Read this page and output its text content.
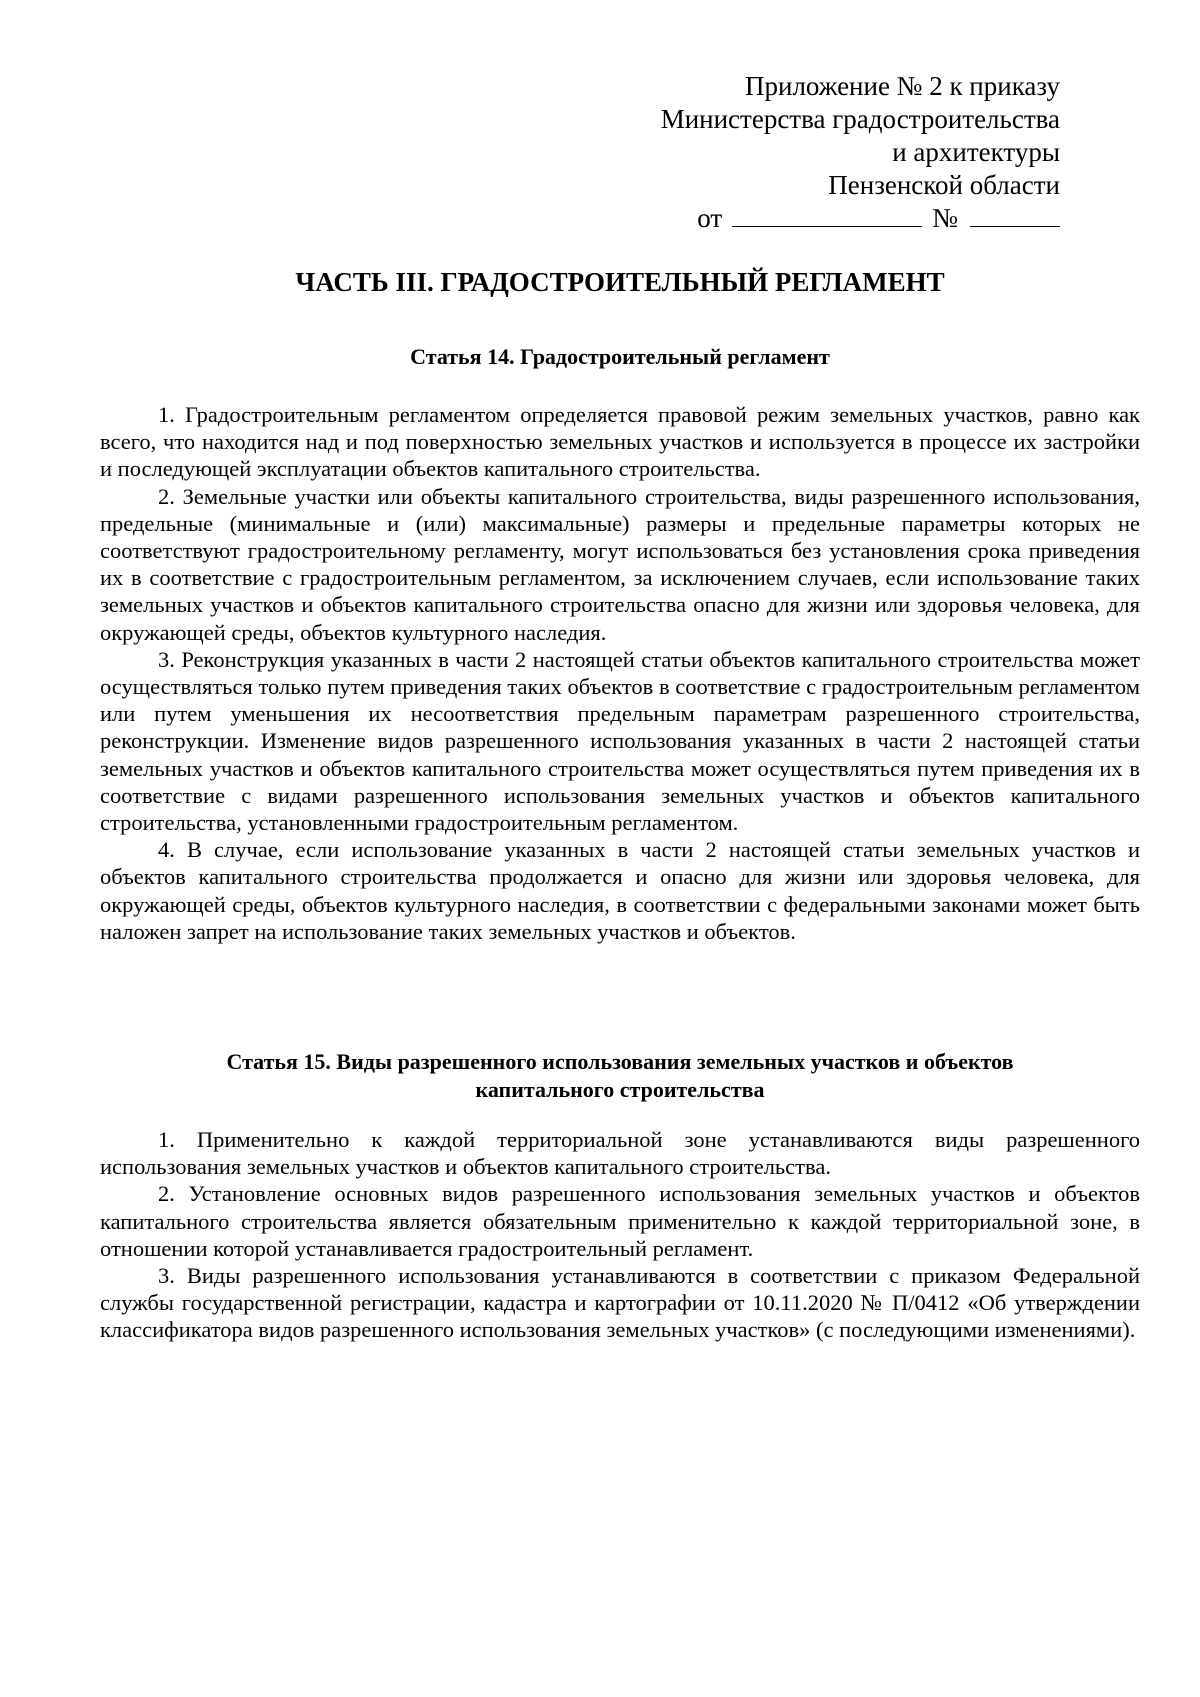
Приложение № 2 к приказу
Министерства градостроительства
и архитектуры
Пензенской области
от	№
ЧАСТЬ III. ГРАДОСТРОИТЕЛЬНЫЙ РЕГЛАМЕНТ

Статья 14. Градостроительный регламент

1. Градостроительным регламентом определяется правовой режим земельных участков, равно как всего, что находится над и под поверхностью земельных участков и используется в процессе их застройки и последующей эксплуатации объектов капитального строительства.

2. Земельные участки или объекты капитального строительства, виды разрешенного использования, предельные (минимальные и (или) максимальные) размеры и предельные параметры которых не соответствуют градостроительному регламенту, могут использоваться без установления срока приведения их в соответствие с градостроительным регламентом, за исключением случаев, если использование таких земельных участков и объектов капитального строительства опасно для жизни или здоровья человека, для окружающей среды, объектов культурного наследия.

3. Реконструкция указанных в части 2 настоящей статьи объектов капитального строительства может осуществляться только путем приведения таких объектов в соответствие с градостроительным регламентом или путем уменьшения их несоответствия предельным параметрам разрешенного строительства, реконструкции. Изменение видов разрешенного использования указанных в части 2 настоящей статьи земельных участков и объектов капитального строительства может осуществляться путем приведения их в соответствие с видами разрешенного использования земельных участков и объектов капитального строительства, установленными градостроительным регламентом.

4. В случае, если использование указанных в части 2 настоящей статьи земельных участков и объектов капитального строительства продолжается и опасно для жизни или здоровья человека, для окружающей среды, объектов культурного наследия, в соответствии с федеральными законами может быть наложен запрет на использование таких земельных участков и объектов.

Статья 15. Виды разрешенного использования земельных участков и объектов
капитального строительства

1. Применительно к каждой территориальной зоне устанавливаются виды разрешенного использования земельных участков и объектов капитального строительства.

2. Установление основных видов разрешенного использования земельных участков и объектов капитального строительства является обязательным применительно к каждой территориальной зоне, в отношении которой устанавливается градостроительный регламент.

3. Виды разрешенного использования устанавливаются в соответствии с приказом Федеральной службы государственной регистрации, кадастра и картографии от 10.11.2020 № П/0412 «Об утверждении классификатора видов разрешенного использования земельных участков» (с последующими изменениями).
